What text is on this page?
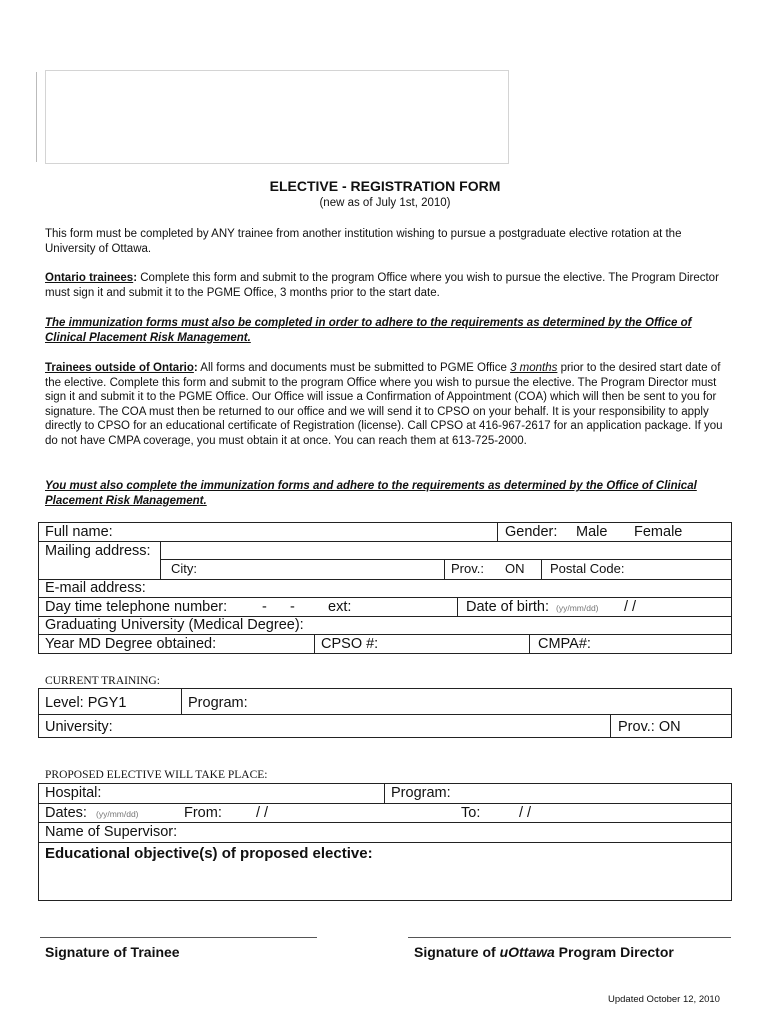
ELECTIVE - REGISTRATION FORM
(new as of July 1st, 2010)
This form must be completed by ANY trainee from another institution wishing to pursue a postgraduate elective rotation at the University of Ottawa.
Ontario trainees: Complete this form and submit to the program Office where you wish to pursue the elective. The Program Director must sign it and submit it to the PGME Office, 3 months prior to the start date.
The immunization forms must also be completed in order to adhere to the requirements as determined by the Office of Clinical Placement Risk Management.
Trainees outside of Ontario: All forms and documents must be submitted to PGME Office 3 months prior to the desired start date of the elective. Complete this form and submit to the program Office where you wish to pursue the elective. The Program Director must sign it and submit it to the PGME Office. Our Office will issue a Confirmation of Appointment (COA) which will then be sent to you for signature. The COA must then be returned to our office and we will send it to CPSO on your behalf. It is your responsibility to apply directly to CPSO for an educational certificate of Registration (license). Call CPSO at 416-967-2617 for an application package. If you do not have CMPA coverage, you must obtain it at once. You can reach them at 613-725-2000.
You must also complete the immunization forms and adhere to the requirements as determined by the Office of Clinical Placement Risk Management.
Full name:	Gender: Male Female
Mailing address:
City:	Prov.: ON Postal Code:
E-mail address:
Day time telephone number: - - ext:	Date of birth: (yy/mm/dd) / /
Graduating University (Medical Degree):
Year MD Degree obtained:	CPSO #:	CMPA#:
CURRENT TRAINING:
Level: PGY1	Program:
University:	Prov.: ON
PROPOSED ELECTIVE WILL TAKE PLACE:
Hospital:	Program:
Dates: (yy/mm/dd)	From: / /	To:	/ /
Name of Supervisor:
Educational objective(s) of proposed elective:
Signature of Trainee	Signature of uOttawa Program Director
Updated October 12, 2010
